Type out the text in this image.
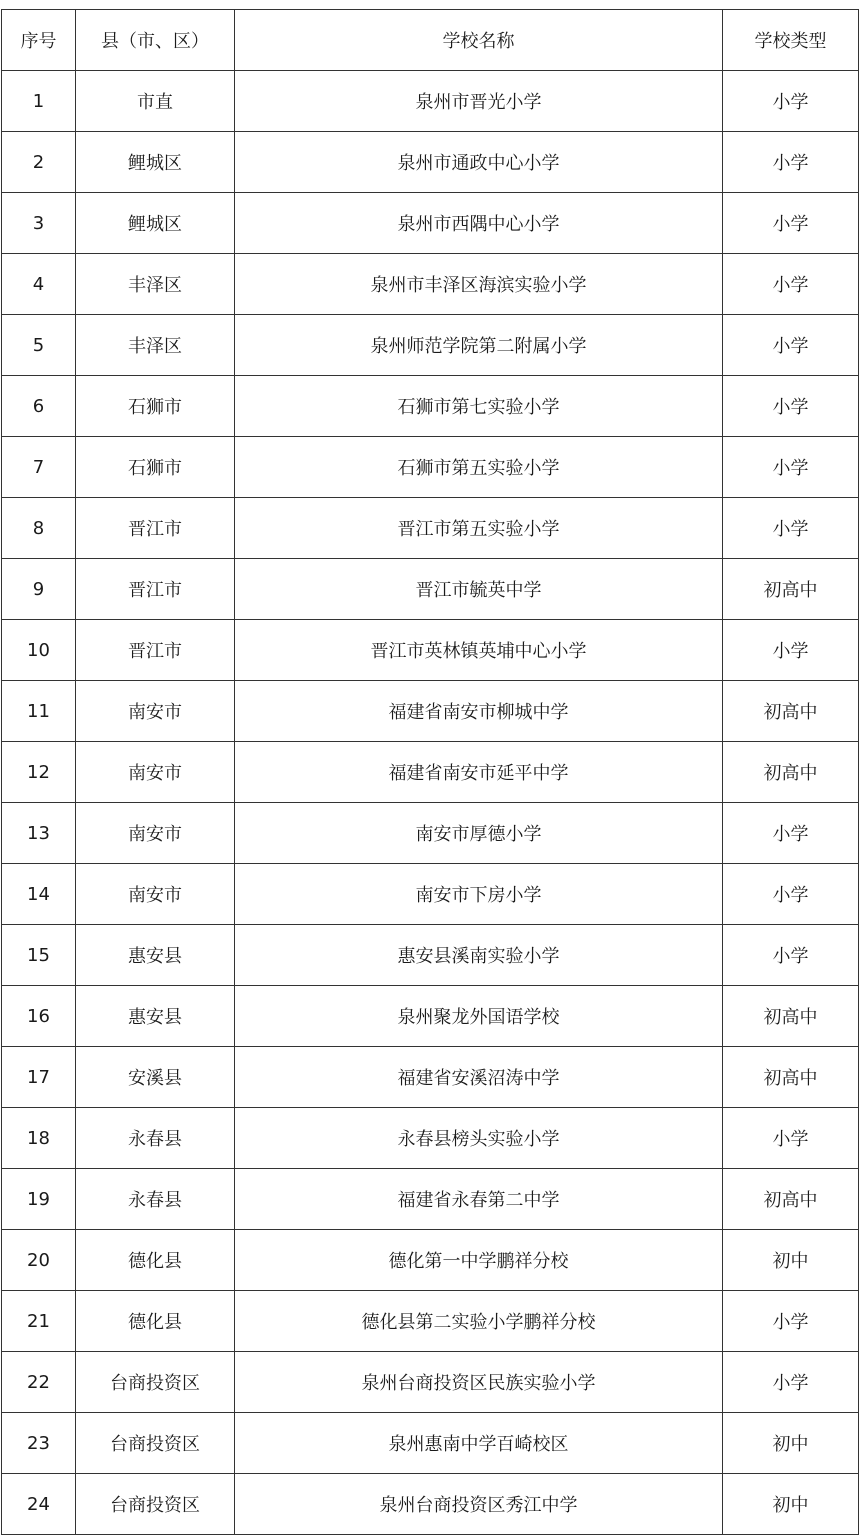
序号	县（市、区）	学校名称	学校类型
1	市直	泉州市晋光小学	小学
2	鲤城区	泉州市通政中心小学	小学
3	鲤城区	泉州市西隅中心小学	小学
4	丰泽区	泉州市丰泽区海滨实验小学	小学
5	丰泽区	泉州师范学院第二附属小学	小学
6	石狮市	石狮市第七实验小学	小学
7	石狮市	石狮市第五实验小学	小学
8	晋江市	晋江市第五实验小学	小学
9	晋江市	晋江市毓英中学	初高中
10	晋江市	晋江市英林镇英埔中心小学	小学
11	南安市	福建省南安市柳城中学	初高中
12	南安市	福建省南安市延平中学	初高中
13	南安市	南安市厚德小学	小学
14	南安市	南安市下房小学	小学
15	惠安县	惠安县溪南实验小学	小学
16	惠安县	泉州聚龙外国语学校	初高中
17	安溪县	福建省安溪沼涛中学	初高中
18	永春县	永春县榜头实验小学	小学
19	永春县	福建省永春第二中学	初高中
20	德化县	德化第一中学鹏祥分校	初中
21	德化县	德化县第二实验小学鹏祥分校	小学
22	台商投资区	泉州台商投资区民族实验小学	小学
23	台商投资区	泉州惠南中学百崎校区	初中
24	台商投资区	泉州台商投资区秀江中学	初中
